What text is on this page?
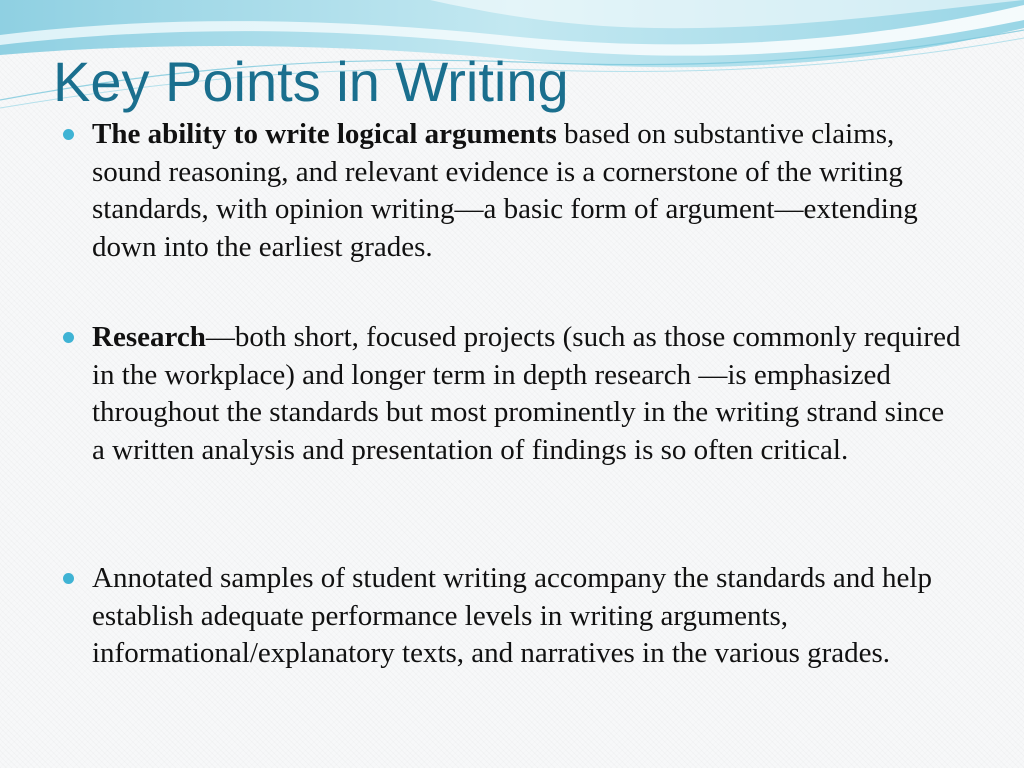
Key Points in Writing
The ability to write logical arguments based on substantive claims, sound reasoning, and relevant evidence is a cornerstone of the writing standards, with opinion writing—a basic form of argument—extending down into the earliest grades.
Research—both short, focused projects (such as those commonly required in the workplace) and longer term in depth research —is emphasized throughout the standards but most prominently in the writing strand since a written analysis and presentation of findings is so often critical.
Annotated samples of student writing accompany the standards and help establish adequate performance levels in writing arguments, informational/explanatory texts, and narratives in the various grades.
